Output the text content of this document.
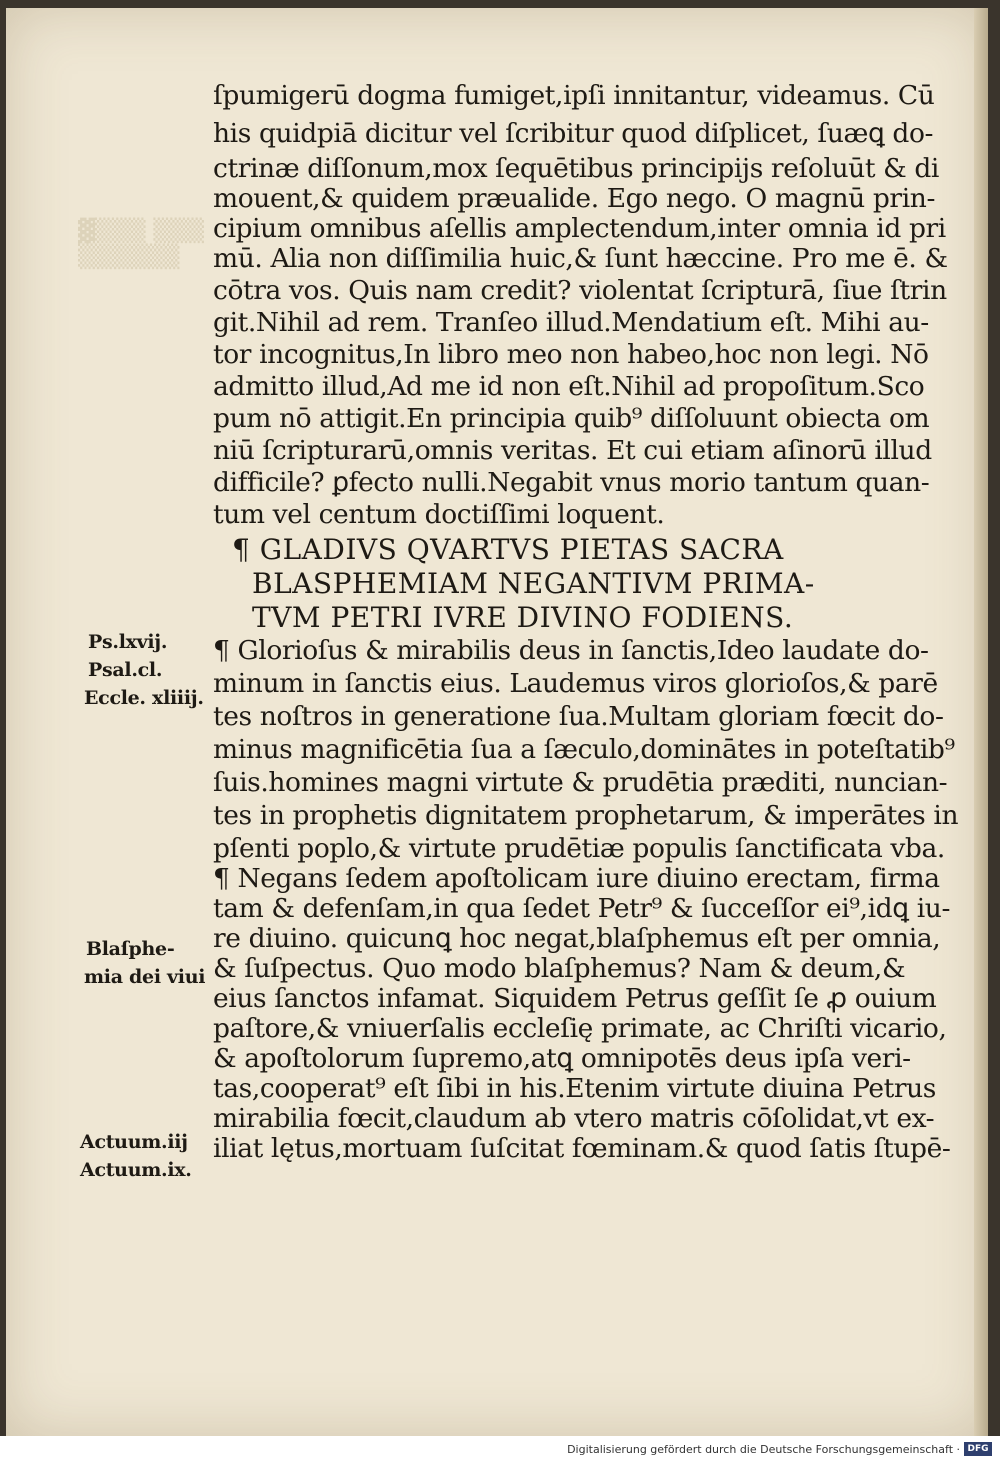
▓▒▒▒ ▒▒▒
▒▒▒▒▒▒

ſpumigerū dogma fumiget,ipſi innitantur, videamus. Cū

his quidpiā dicitur vel ſcribitur quod diſplicet, ſuæꝗ do-

ctrinæ diſſonum,mox ſequētibus principijs reſoluūt & di

mouent,& quidem præualide. Ego nego. O magnū prin-

cipium omnibus aſellis amplectendum,inter omnia id pri

mū. Alia non diſſimilia huic,& ſunt hæccine. Pro me ē. &

cōtra vos. Quis nam credit? violentat ſcripturā, ſiue ſtrin

git.Nihil ad rem. Tranſeo illud.Mendatium eſt. Mihi au-

tor incognitus,In libro meo non habeo,hoc non legi. Nō

admitto illud,Ad me id non eſt.Nihil ad propoſitum.Sco

pum nō attigit.En principia quib⁹ diſſoluunt obiecta om

niū ſcripturarū,omnis veritas. Et cui etiam aſinorū illud

difficile? ꝑfecto nulli.Negabit vnus morio tantum quan-

tum vel centum doctiſſimi loquent.

¶ GLADIVS QVARTVS PIETAS SACRA

BLASPHEMIAM NEGANTIVM PRIMA-

TVM PETRI IVRE DIVINO FODIENS.

¶ Glorioſus & mirabilis deus in ſanctis,Ideo laudate do-

minum in ſanctis eius. Laudemus viros glorioſos,& parē

tes noſtros in generatione ſua.Multam gloriam fœcit do-

minus magnificētia ſua a ſæculo,dominātes in poteſtatib⁹

ſuis.homines magni virtute & prudētia præditi, nuncian-

tes in prophetis dignitatem prophetarum, & imperātes in

pſenti poplo,& virtute prudētiæ populis ſanctificata vba.

¶ Negans ſedem apoſtolicam iure diuino erectam, firma

tam & defenſam,in qua ſedet Petr⁹ & ſucceſſor ei⁹,idꝗ iu-

re diuino. quicunꝗ hoc negat,blaſphemus eſt per omnia,

& ſuſpectus. Quo modo blaſphemus? Nam & deum,&

eius ſanctos infamat. Siquidem Petrus geſſit ſe ꝓ ouium

paſtore,& vniuerſalis eccleſię primate, ac Chriſti vicario,

& apoſtolorum ſupremo,atꝗ omnipotēs deus ipſa veri-

tas,cooperat⁹ eſt ſibi in his.Etenim virtute diuina Petrus

mirabilia fœcit,claudum ab vtero matris cōſolidat,vt ex-

iliat lętus,mortuam ſuſcitat fœminam.& quod ſatis ſtupē-

Ps.lxvij.

Psal.cl.

Eccle. xliiij.

Blaſphe-

mia dei viui

Actuum.iij

Actuum.ix.

Digitalisierung gefördert durch die Deutsche Forschungsgemeinschaft · DFG
